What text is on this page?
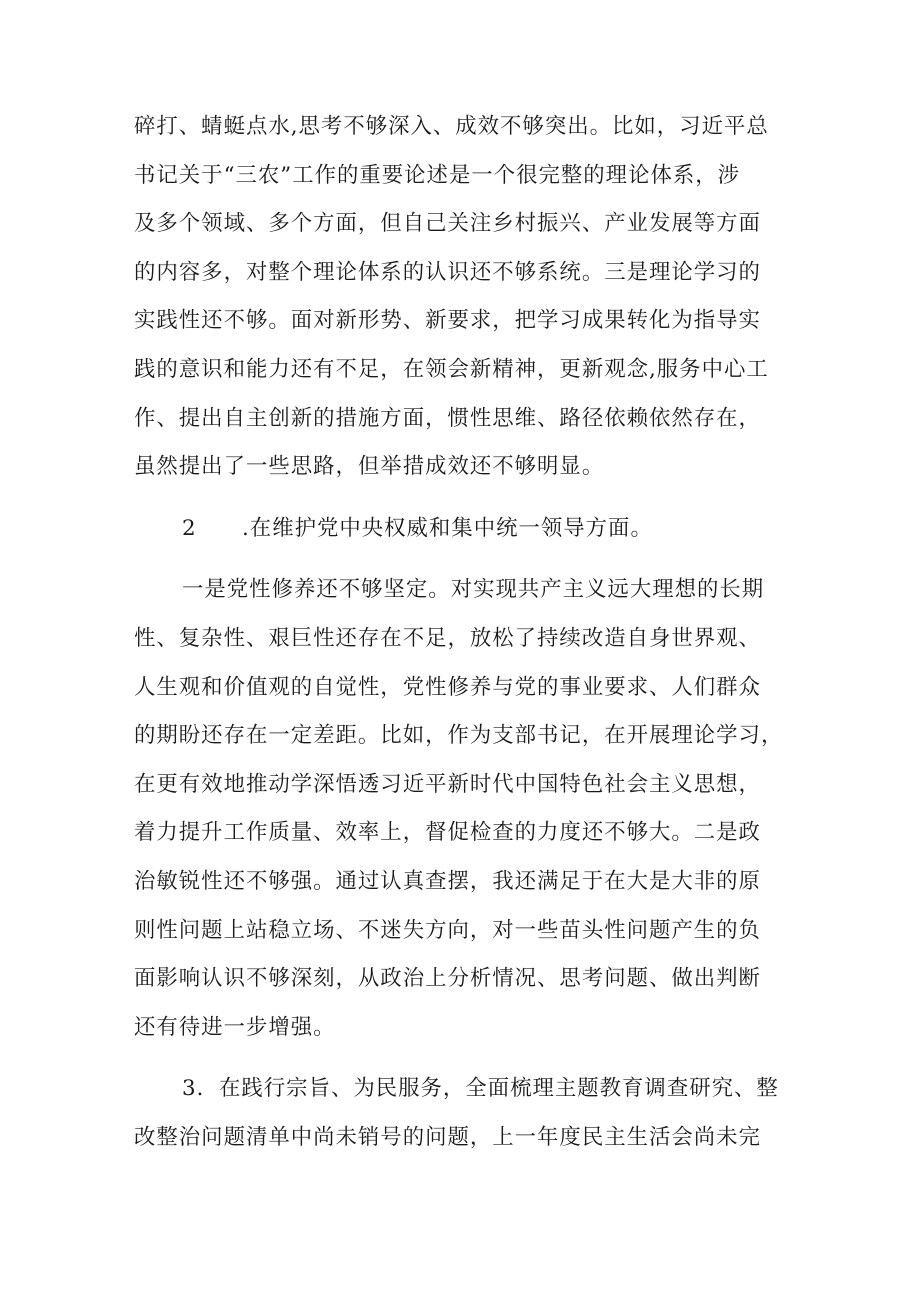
碎打、蜻蜓点水,思考不够深入、成效不够突出。比如，习近平总
书记关于“三农”工作的重要论述是一个很完整的理论体系，涉
及多个领域、多个方面，但自己关注乡村振兴、产业发展等方面
的内容多，对整个理论体系的认识还不够系统。三是理论学习的
实践性还不够。面对新形势、新要求，把学习成果转化为指导实
践的意识和能力还有不足，在领会新精神，更新观念,服务中心工
作、提出自主创新的措施方面，惯性思维、路径依赖依然存在，
虽然提出了一些思路，但举措成效还不够明显。
2 .在维护党中央权威和集中统一领导方面。
一是党性修养还不够坚定。对实现共产主义远大理想的长期
性、复杂性、艰巨性还存在不足，放松了持续改造自身世界观、
人生观和价值观的自觉性，党性修养与党的事业要求、人们群众
的期盼还存在一定差距。比如，作为支部书记，在开展理论学习，
在更有效地推动学深悟透习近平新时代中国特色社会主义思想，
着力提升工作质量、效率上，督促检查的力度还不够大。二是政
治敏锐性还不够强。通过认真查摆，我还满足于在大是大非的原
则性问题上站稳立场、不迷失方向，对一些苗头性问题产生的负
面影响认识不够深刻，从政治上分析情况、思考问题、做出判断
还有待进一步增强。
3．在践行宗旨、为民服务，全面梳理主题教育调查研究、整
改整治问题清单中尚未销号的问题，上一年度民主生活会尚未完
